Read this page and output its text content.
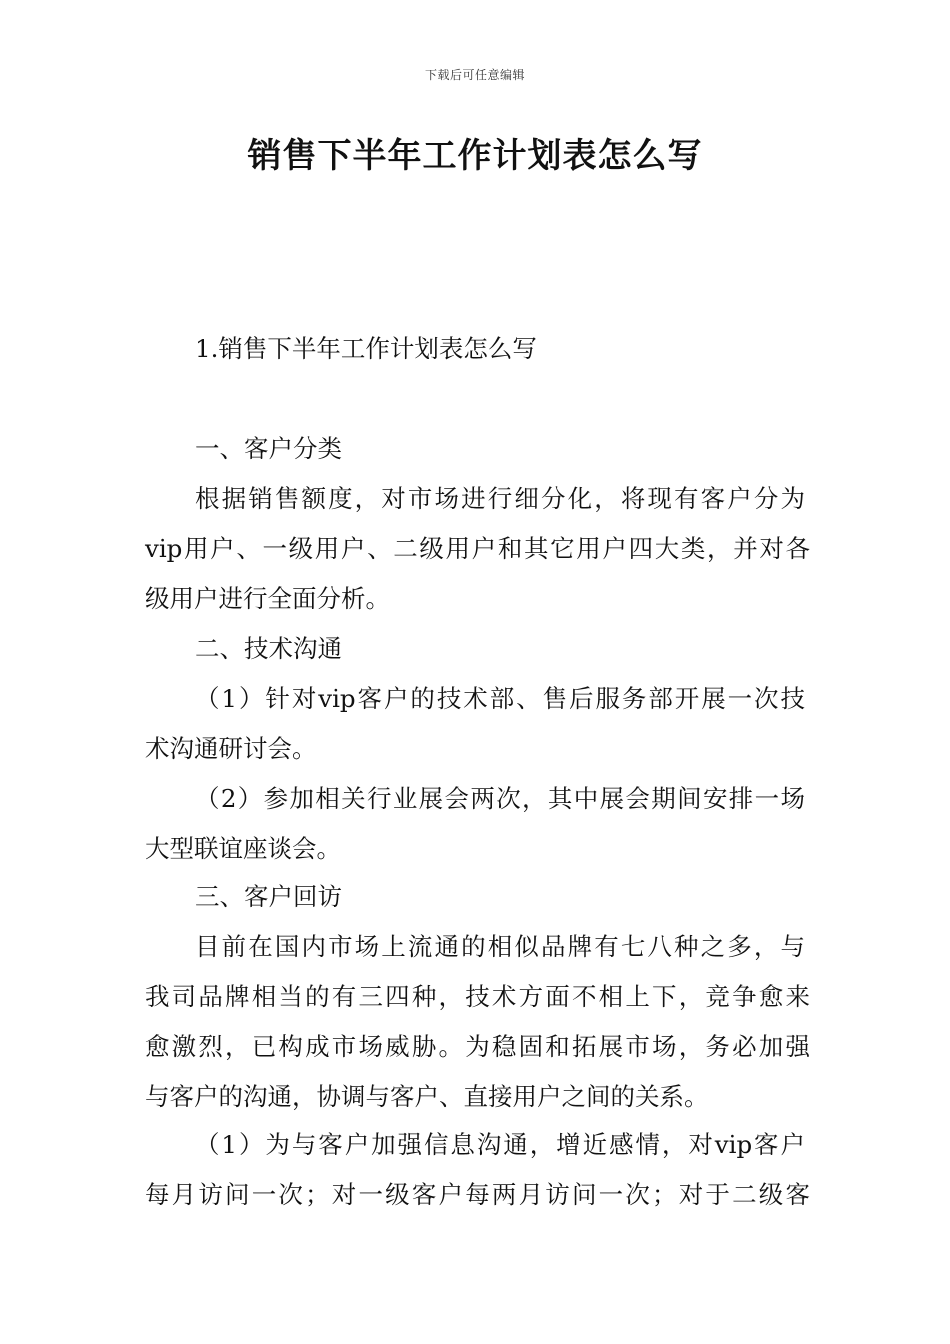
下载后可任意编辑
销售下半年工作计划表怎么写

1.销售下半年工作计划表怎么写

一、客户分类

根据销售额度，对市场进行细分化，将现有客户分为

vip用户、一级用户、二级用户和其它用户四大类，并对各

级用户进行全面分析。

二、技术沟通

（1）针对vip客户的技术部、售后服务部开展一次技

术沟通研讨会。

（2）参加相关行业展会两次，其中展会期间安排一场

大型联谊座谈会。

三、客户回访

目前在国内市场上流通的相似品牌有七八种之多，与

我司品牌相当的有三四种，技术方面不相上下，竞争愈来

愈激烈，已构成市场威胁。为稳固和拓展市场，务必加强

与客户的沟通，协调与客户、直接用户之间的关系。

（1）为与客户加强信息沟通，增近感情，对vip客户

每月访问一次；对一级客户每两月访问一次；对于二级客
